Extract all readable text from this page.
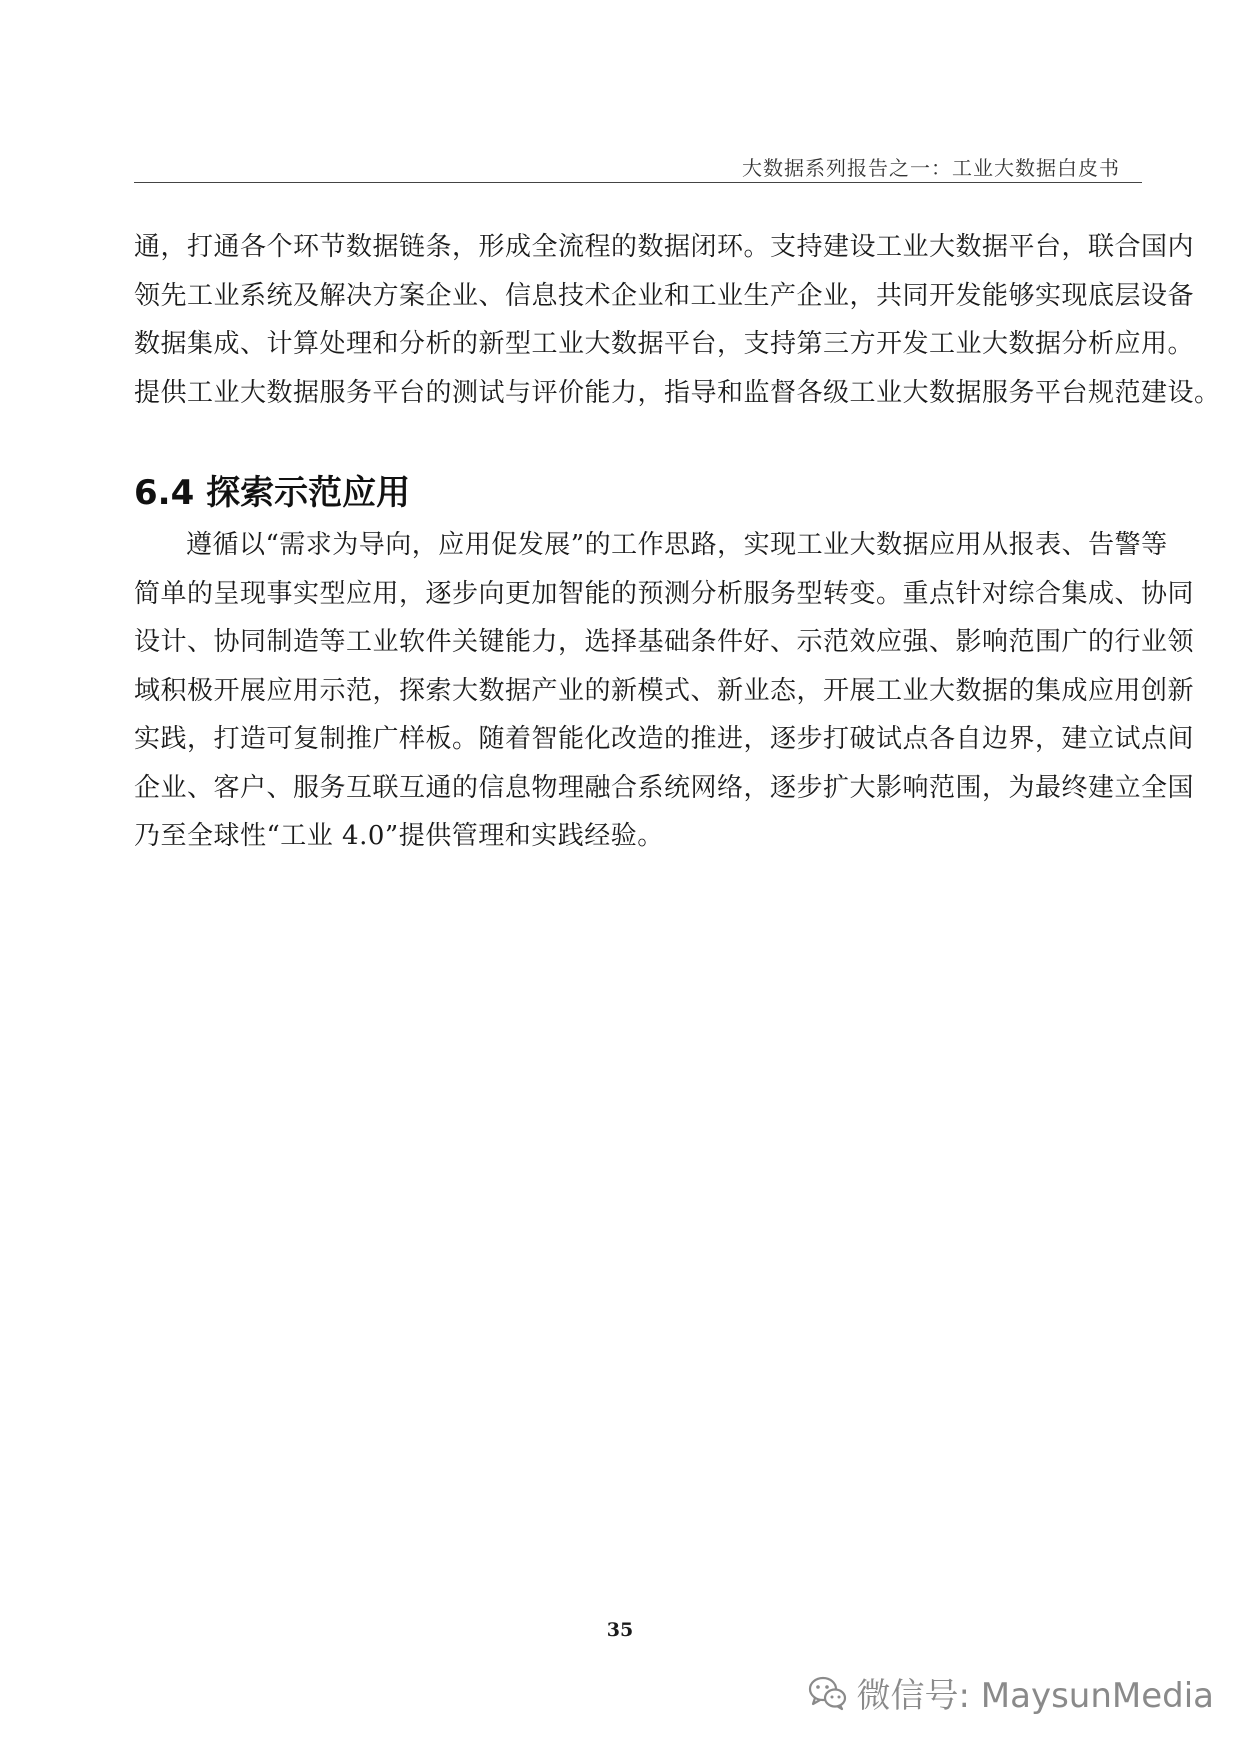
大数据系列报告之一：工业大数据白皮书

通，打通各个环节数据链条，形成全流程的数据闭环。支持建设工业大数据平台，联合国内
领先工业系统及解决方案企业、信息技术企业和工业生产企业，共同开发能够实现底层设备
数据集成、计算处理和分析的新型工业大数据平台，支持第三方开发工业大数据分析应用。
提供工业大数据服务平台的测试与评价能力，指导和监督各级工业大数据服务平台规范建设。

6.4 探索示范应用

遵循以“需求为导向，应用促发展”的工作思路，实现工业大数据应用从报表、告警等
简单的呈现事实型应用，逐步向更加智能的预测分析服务型转变。重点针对综合集成、协同
设计、协同制造等工业软件关键能力，选择基础条件好、示范效应强、影响范围广的行业领
域积极开展应用示范，探索大数据产业的新模式、新业态，开展工业大数据的集成应用创新
实践，打造可复制推广样板。随着智能化改造的推进，逐步打破试点各自边界，建立试点间
企业、客户、服务互联互通的信息物理融合系统网络，逐步扩大影响范围，为最终建立全国
乃至全球性“工业 4.0”提供管理和实践经验。

35
微信号: MaysunMedia
